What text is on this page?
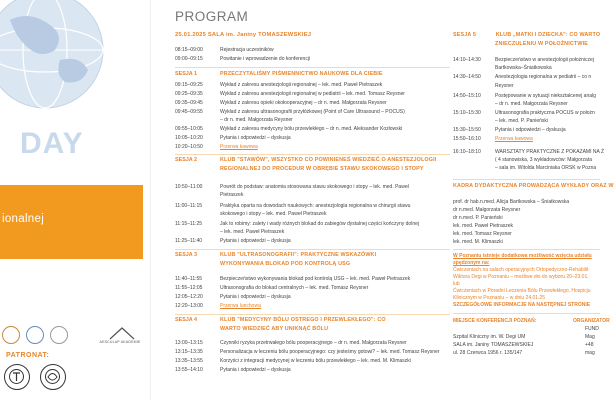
DAY
ionalnej
AESCULAP AKADEMIE
PATRONAT:
PROGRAM
25.01.2025 SALA im. Janiny TOMASZEWSKIEJ
08:15–09:00	Rejestracja uczestników
09:00–09:15	Powitanie i wprowadzenie do konferencji
SESJA 1	PRZECZYTALIŚMY PIŚMIENNICTWO NAUKOWE DLA CIEBIE
09:15–09:25	Wykład z zakresu anestezjologii regionalnej – lek. med. Paweł Pietraszek
09:25–09:35	Wykład z zakresu anestezjologii regionalnej w pediatrii – lek. med. Tomasz Reysner
09:35–09:45	Wykład z zakresu opieki okołooperacyjnej – dr n. med. Małgorzata Reysner
09:45–09:55	Wykład z zakresu ultrasonografii przyłóżkowej (Point of Care Ultrasound – POCUS)
– dr n. med. Małgorzata Reysner
09:55–10:05	Wykład z zakresu medycyny bólu przewlekłego – dr n. med. Aleksander Kozłowski
10:05–10:20	Pytania i odpowiedzi – dyskusja
10:20–10:50	Przerwa kawowa
SESJA 2	KLUB "STAWÓW", WSZYSTKO CO POWINIENEŚ WIEDZIEĆ O ANESTEZJOLOGII
REGIONALNEJ DO PROCEDUR W OBRĘBIE STAWU SKOKOWEGO I STOPY
10:50–11:00	Powrót do podstaw: anatomia stosowana stawu skokowego i stopy – lek. med. Paweł
Pietraszek
11:00–11:15	Praktyka oparta na dowodach naukowych: anestezjologia regionalna w chirurgii stawu
skokowego i stopy – lek. med. Paweł Pietraszek
11:15–11:25	Jak to robimy: zalety i wady różnych blokad do zabiegów dystalnej części kończyny dolnej
– lek. med. Paweł Pietraszek
11:25–11:40	Pytania i odpowiedzi – dyskusja
SESJA 3	KLUB "ULTRASONOGRAFII": PRAKTYCZNE WSKAZÓWKI
WYKONYWANIA BLOKAD POD KONTROLĄ USG
11:40–11:55	Bezpieczeństwo wykonywania blokad pod kontrolą USG – lek. med. Paweł Pietraszek
11:55–12:05	Ultrasonografia do blokad centralnych – lek. med. Tomasz Reysner
12:05–12:20	Pytania i odpowiedzi – dyskusja
12:20–13:00	Przerwa lunchowa
SESJA 4	KLUB "MEDYCYNY BÓLU OSTREGO I PRZEWLEKŁEGO": CO
WARTO WIEDZIEĆ ABY UNIKNĄĆ BÓLU
13:00–13:15	Czynniki ryzyka przetrwałego bólu pooperacyjnego – dr n. med. Małgorzata Reysner
13:15–13:35	Personalizacja w leczeniu bólu pooperacyjnego: czy jesteśmy gotowi? – lek. med. Tomasz Reysner
13:35–13:55	Korzyści z integracji medycynej w leczeniu bólu przewlekłego – lek. med. M. Klimaszki
13:55–14:10	Pytania i odpowiedzi – dyskusja
SESJA 5	KLUB „MATKI I DZIECKA": CO WARTO
ZNIECZULENIU W POŁOŻNICTWIE
14:10–14:30	Bezpieczeństwo w anestezjologii położniczej
Bartkowska–Śniatkowska
14:30–14:50	Anestezjologia regionalna w pediatrii – co n
Reysner
14:50–15:10	Postępowanie w sytuacji niekształcenej analg
– dr n. med. Małgorzata Reysner
15:10–15:30	Ultrasonografia praktyczna POCUS w położn
– lek. med. P. Panieński
15:30–15:50	Pytania i odpowiedzi – dyskusja
15:50–16:10	Przerwa kawowa
16:10–18:10	WARSZTATY PRAKTYCZNE Z POKAZAMI NA Ż
( 4 stanowiska, 3 wykładowców: Małgorzata
– sala im. Witolda Marciniaka ORSK w Pozna
KADRA DYDAKTYCZNA PROWADZĄCA WYKŁADY ORAZ W
prof. dr hab.n.med. Alicja Bartkowska – Śniatkowska
dr n.med. Małgorzata Reysner
dr n.med. P. Panieński
lek. med. Paweł Pietraszek
lek. med. Tomasz Reysner
lek. med. M. Klimaszki
W Poznaniu istnieje dodatkowa możliwość wzięcia udziału
spędzonym na:
Ćwiczeniach na salach operacyjnych Ortopedyczno-Rehabilit
Wiktora Degi w Poznaniu – możliwe dni do wyboru 20–23.01.
lub
Ćwiczeniach w Poradni Leczenia Bólu Przewlekłego, Hospicju
Klinicznym w Poznaniu – w dniu 24.01.25
SZCZEGÓŁOWE INFORMACJE NA NASTĘPNEJ STRONIE
MIEJSCE KONFERENCJI POZNAŃ:
Szpital Kliniczny im. W. Degi UM
SALA im. Janiny TOMASZEWSKIEJ
ul. 28 Czerwca 1956 r. 135/147
ORGANIZATOR
FUND
Mag
+48
mag
